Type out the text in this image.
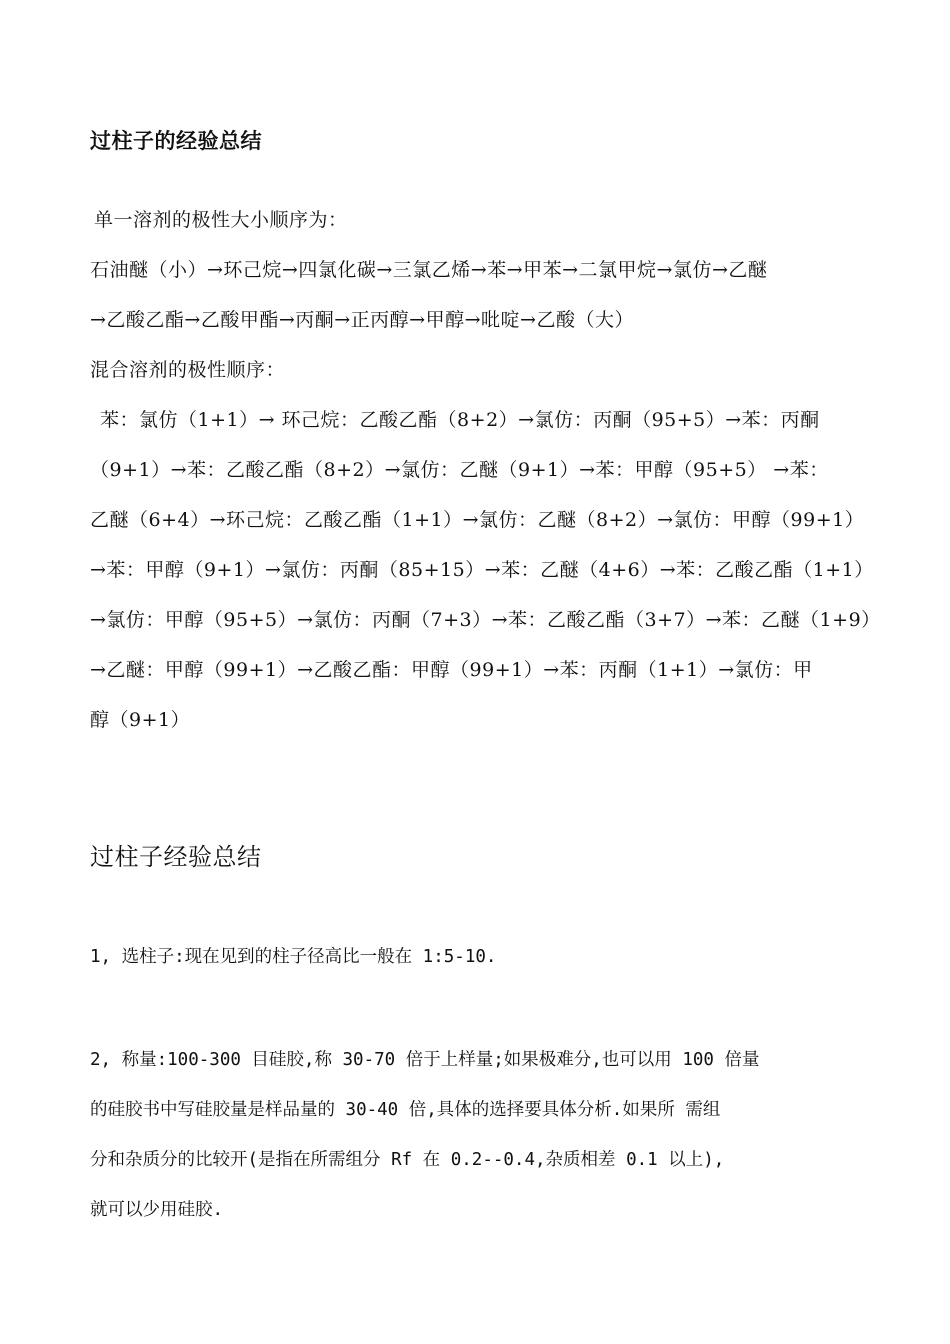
过柱子的经验总结
单一溶剂的极性大小顺序为：
石油醚（小）→环己烷→四氯化碳→三氯乙烯→苯→甲苯→二氯甲烷→氯仿→乙醚
→乙酸乙酯→乙酸甲酯→丙酮→正丙醇→甲醇→吡啶→乙酸（大）
混合溶剂的极性顺序：
苯：氯仿（1+1）→ 环己烷：乙酸乙酯（8+2）→氯仿：丙酮（95+5）→苯：丙酮
（9+1）→苯：乙酸乙酯（8+2）→氯仿：乙醚（9+1）→苯：甲醇（95+5） →苯：
乙醚（6+4）→环己烷：乙酸乙酯（1+1）→氯仿：乙醚（8+2）→氯仿：甲醇（99+1）
→苯：甲醇（9+1）→氯仿：丙酮（85+15）→苯：乙醚（4+6）→苯：乙酸乙酯（1+1）
→氯仿：甲醇（95+5）→氯仿：丙酮（7+3）→苯：乙酸乙酯（3+7）→苯：乙醚（1+9）
→乙醚：甲醇（99+1）→乙酸乙酯：甲醇（99+1）→苯：丙酮（1+1）→氯仿：甲
醇（9+1）
过柱子经验总结
1, 选柱子:现在见到的柱子径高比一般在 1:5-10.
2, 称量:100-300 目硅胶,称 30-70 倍于上样量;如果极难分,也可以用 100 倍量
的硅胶书中写硅胶量是样品量的 30-40 倍,具体的选择要具体分析.如果所 需组
分和杂质分的比较开(是指在所需组分 Rf 在 0.2--0.4,杂质相差 0.1 以上),
就可以少用硅胶.
